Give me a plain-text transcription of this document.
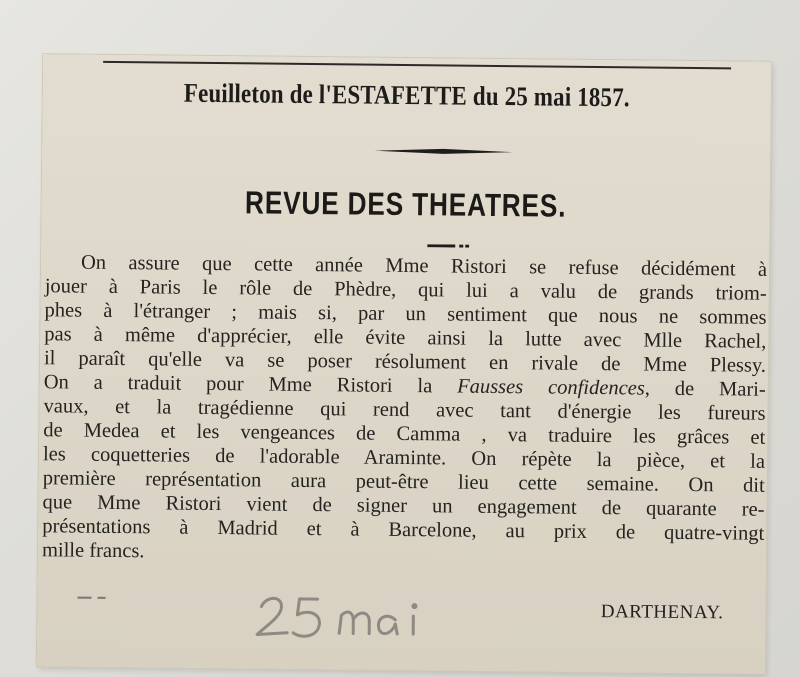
Feuilleton de l'ESTAFETTE du 25 mai 1857.
REVUE DES THEATRES.
On assure que cette année Mme Ristori se refuse décidément à
jouer à Paris le rôle de Phèdre, qui lui a valu de grands triom-
phes à l'étranger ; mais si, par un sentiment que nous ne sommes
pas à même d'apprécier, elle évite ainsi la lutte avec Mlle Rachel,
il paraît qu'elle va se poser résolument en rivale de Mme Plessy.
On a traduit pour Mme Ristori la Fausses confidences, de Mari-
vaux, et la tragédienne qui rend avec tant d'énergie les fureurs
de Medea et les vengeances de Camma , va traduire les grâces et
les coquetteries de l'adorable Araminte. On répète la pièce, et la
première représentation aura peut-être lieu cette semaine. On dit
que Mme Ristori vient de signer un engagement de quarante re-
présentations à Madrid et à Barcelone, au prix de quatre-vingt
mille francs.
DARTHENAY.
